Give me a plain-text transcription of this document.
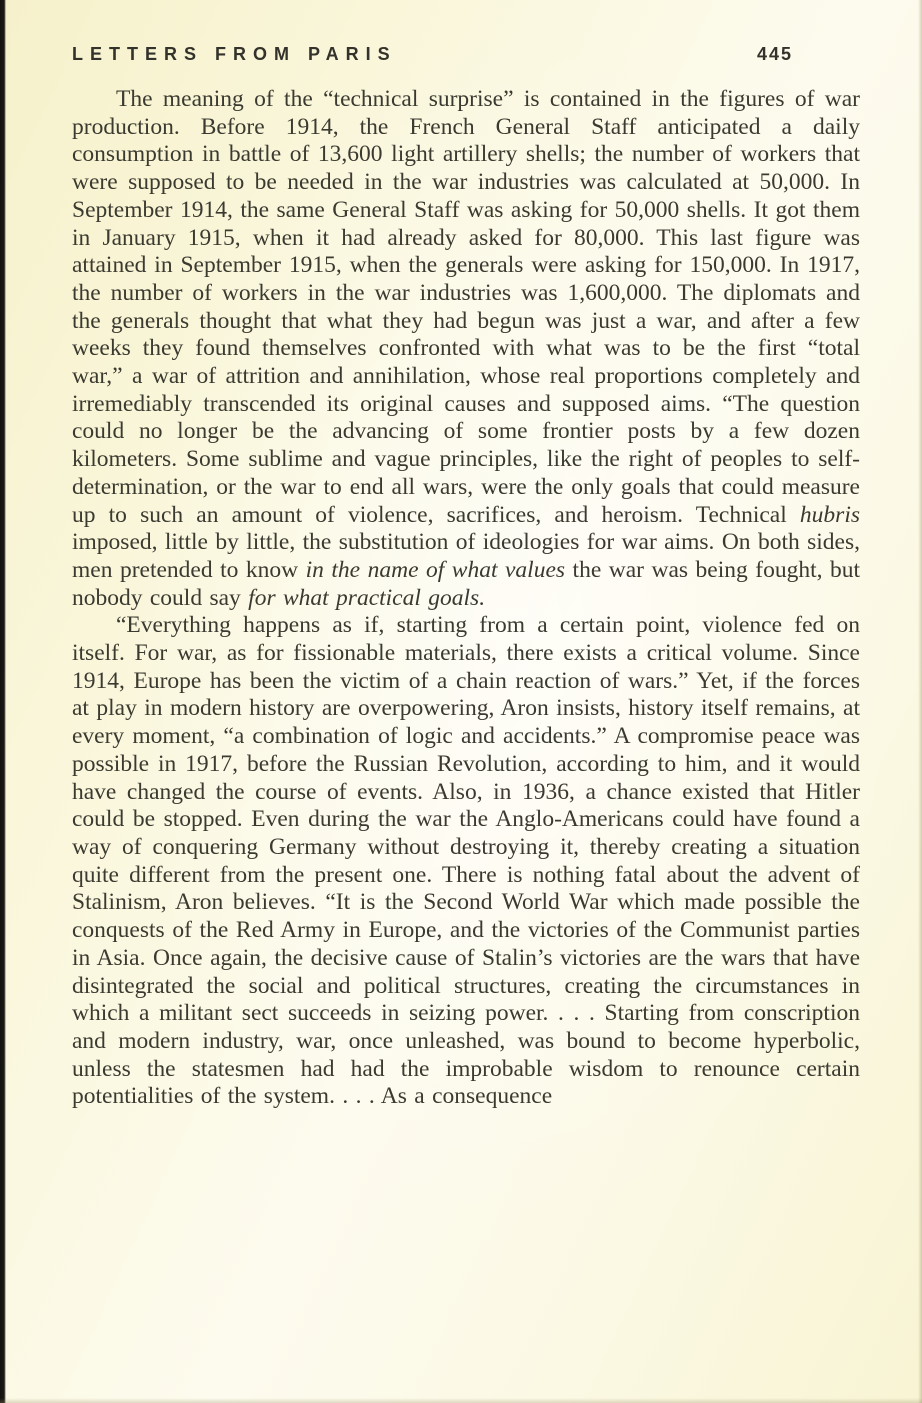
LETTERS FROM PARIS	445

The meaning of the “technical surprise” is contained in the figures of war production. Before 1914, the French General Staff anticipated a daily consumption in battle of 13,600 light artillery shells; the number of workers that were supposed to be needed in the war industries was calculated at 50,000. In September 1914, the same General Staff was asking for 50,000 shells. It got them in January 1915, when it had already asked for 80,000. This last figure was attained in September 1915, when the generals were asking for 150,000. In 1917, the number of workers in the war industries was 1,600,000. The diplomats and the generals thought that what they had begun was just a war, and after a few weeks they found themselves confronted with what was to be the first “total war,” a war of attrition and annihilation, whose real proportions completely and irremediably transcended its original causes and supposed aims. “The question could no longer be the advancing of some frontier posts by a few dozen kilometers. Some sublime and vague principles, like the right of peoples to self-determination, or the war to end all wars, were the only goals that could measure up to such an amount of violence, sacrifices, and heroism. Technical hubris imposed, little by little, the substitution of ideologies for war aims. On both sides, men pretended to know in the name of what values the war was being fought, but nobody could say for what practical goals.

“Everything happens as if, starting from a certain point, violence fed on itself. For war, as for fissionable materials, there exists a critical volume. Since 1914, Europe has been the victim of a chain reaction of wars.” Yet, if the forces at play in modern history are overpowering, Aron insists, history itself remains, at every moment, “a combination of logic and accidents.” A compromise peace was possible in 1917, before the Russian Revolution, according to him, and it would have changed the course of events. Also, in 1936, a chance existed that Hitler could be stopped. Even during the war the Anglo-Americans could have found a way of conquering Germany without destroying it, thereby creating a situation quite different from the present one. There is nothing fatal about the advent of Stalinism, Aron believes. “It is the Second World War which made possible the conquests of the Red Army in Europe, and the victories of the Communist parties in Asia. Once again, the decisive cause of Stalin’s victories are the wars that have disintegrated the social and political structures, creating the circumstances in which a militant sect succeeds in seizing power. . . . Starting from conscription and modern industry, war, once unleashed, was bound to become hyperbolic, unless the statesmen had had the improbable wisdom to renounce certain potentialities of the system. . . . As a consequence
